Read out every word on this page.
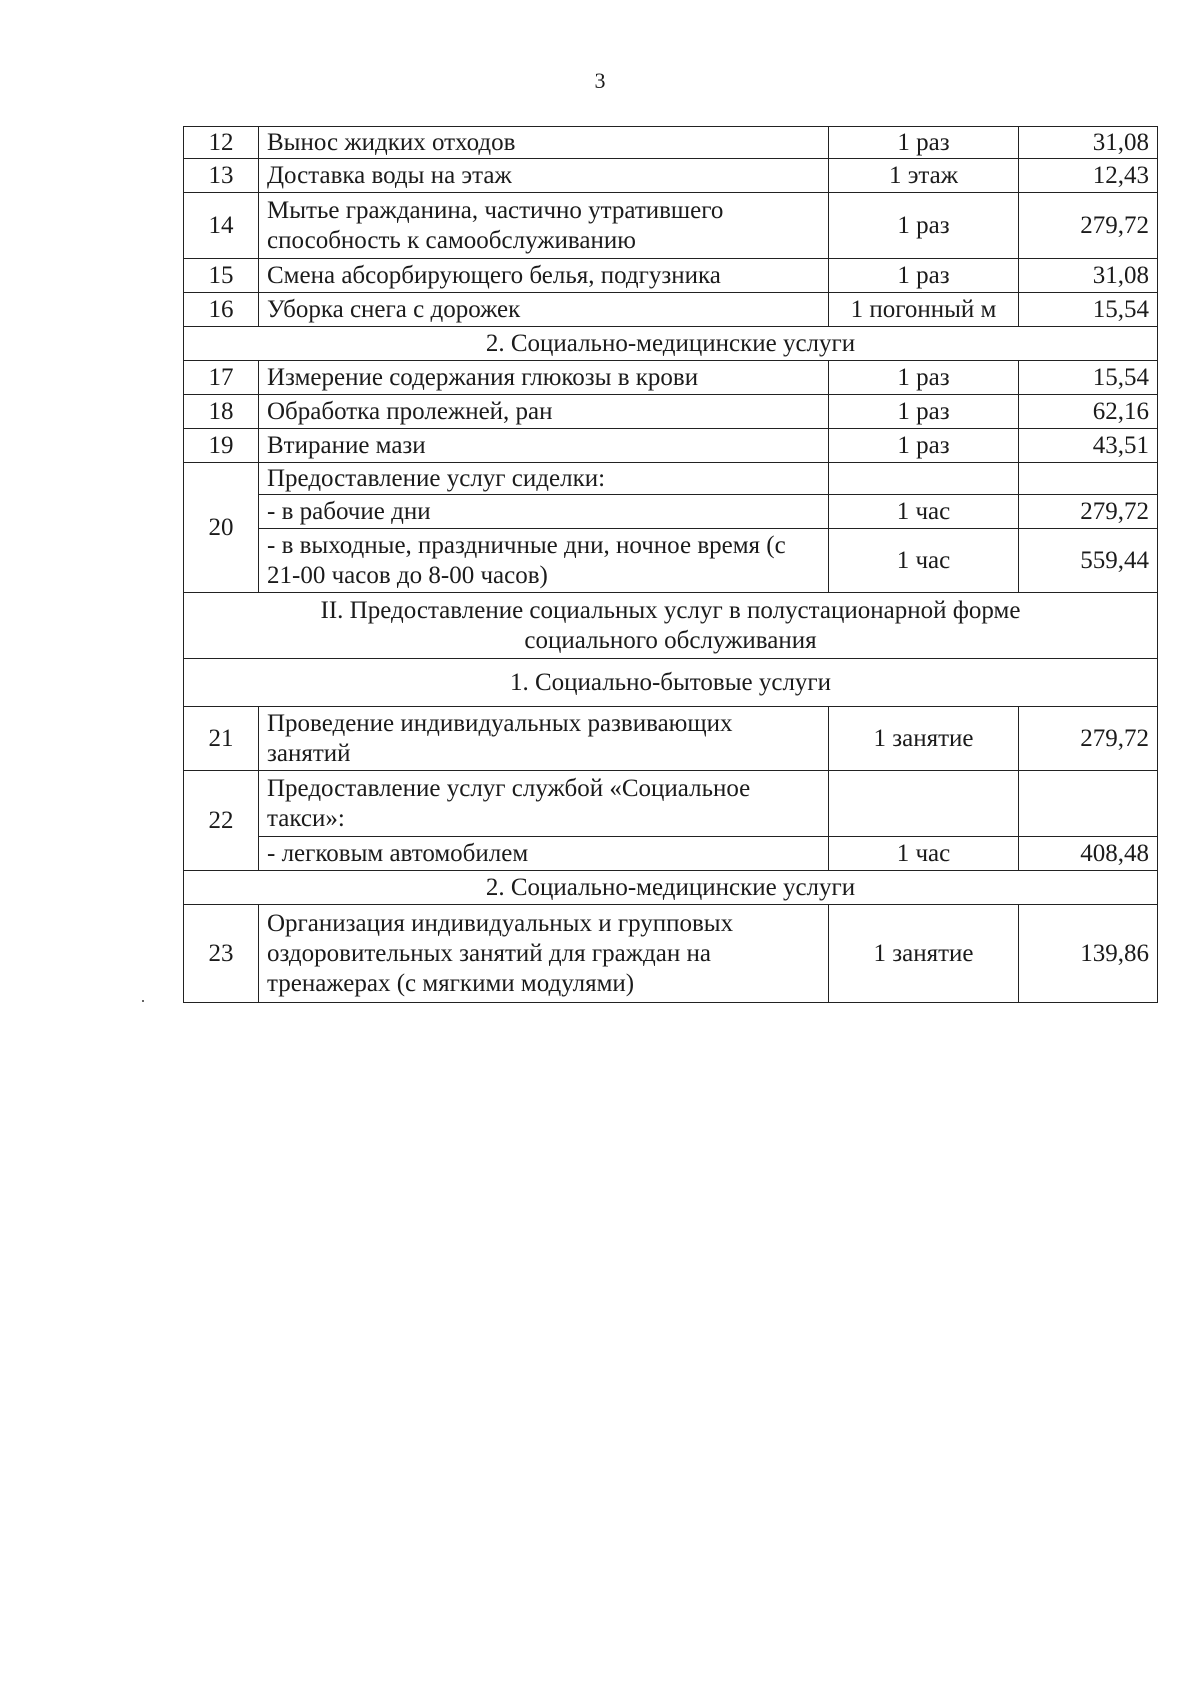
3
12	Вынос жидких отходов	1 раз	31,08
13	Доставка воды на этаж	1 этаж	12,43
14	Мытье гражданина, частично утратившего способность к самообслуживанию	1 раз	279,72
15	Смена абсорбирующего белья, подгузника	1 раз	31,08
16	Уборка снега с дорожек	1 погонный м	15,54
2. Социально-медицинские услуги			
17	Измерение содержания глюкозы в крови	1 раз	15,54
18	Обработка пролежней, ран	1 раз	62,16
19	Втирание мази	1 раз	43,51
20	Предоставление услуг сиделки:		
	- в рабочие дни	1 час	279,72
	- в выходные, праздничные дни, ночное время (с 21-00 часов до 8-00 часов)	1 час	559,44
II. Предоставление социальных услуг в полустационарной форме социального обслуживания			
1. Социально-бытовые услуги			
21	Проведение индивидуальных развивающих занятий	1 занятие	279,72
22	Предоставление услуг службой «Социальное такси»:		
	- легковым автомобилем	1 час	408,48
2. Социально-медицинские услуги			
23	Организация индивидуальных и групповых оздоровительных занятий для граждан на тренажерах (с мягкими модулями)	1 занятие	139,86
